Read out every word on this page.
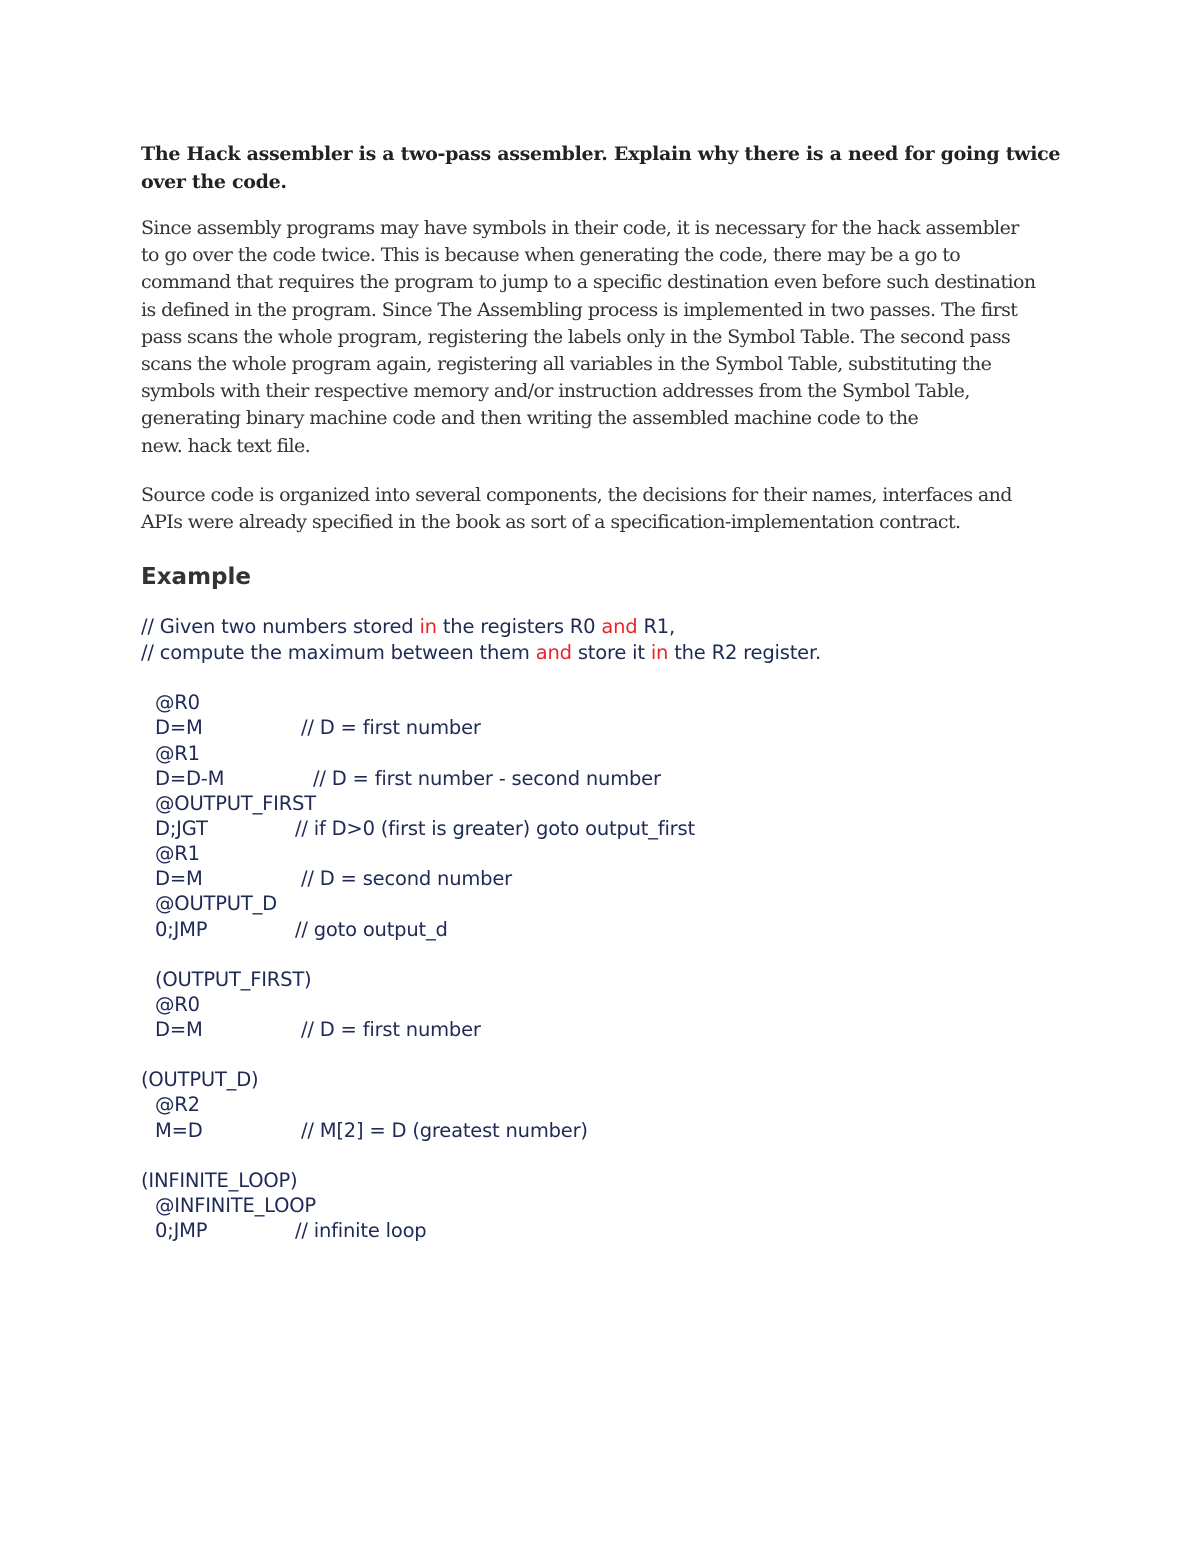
The Hack assembler is a two-pass assembler. Explain why there is a need for going twice over the code.

Since assembly programs may have symbols in their code, it is necessary for the hack assembler
to go over the code twice. This is because when generating the code, there may be a go to
command that requires the program to jump to a specific destination even before such destination
is defined in the program. Since The Assembling process is implemented in two passes. The first
pass scans the whole program, registering the labels only in the Symbol Table. The second pass
scans the whole program again, registering all variables in the Symbol Table, substituting the
symbols with their respective memory and/or instruction addresses from the Symbol Table,
generating binary machine code and then writing the assembled machine code to the
new. hack text file.
Source code is organized into several components, the decisions for their names, interfaces and
APIs were already specified in the book as sort of a specification-implementation contract.
Example
// Given two numbers stored in the registers R0 and R1,
// compute the maximum between them and store it in the R2 register.
@R0
D=M	// D = first number
@R1
D=D-M	// D = first number - second number
@OUTPUT_FIRST
D;JGT	// if D>0 (first is greater) goto output_first
@R1
D=M	// D = second number
@OUTPUT_D
0;JMP	// goto output_d
(OUTPUT_FIRST)
@R0
D=M	// D = first number
(OUTPUT_D)
@R2
M=D	// M[2] = D (greatest number)
(INFINITE_LOOP)
@INFINITE_LOOP
0;JMP	// infinite loop
